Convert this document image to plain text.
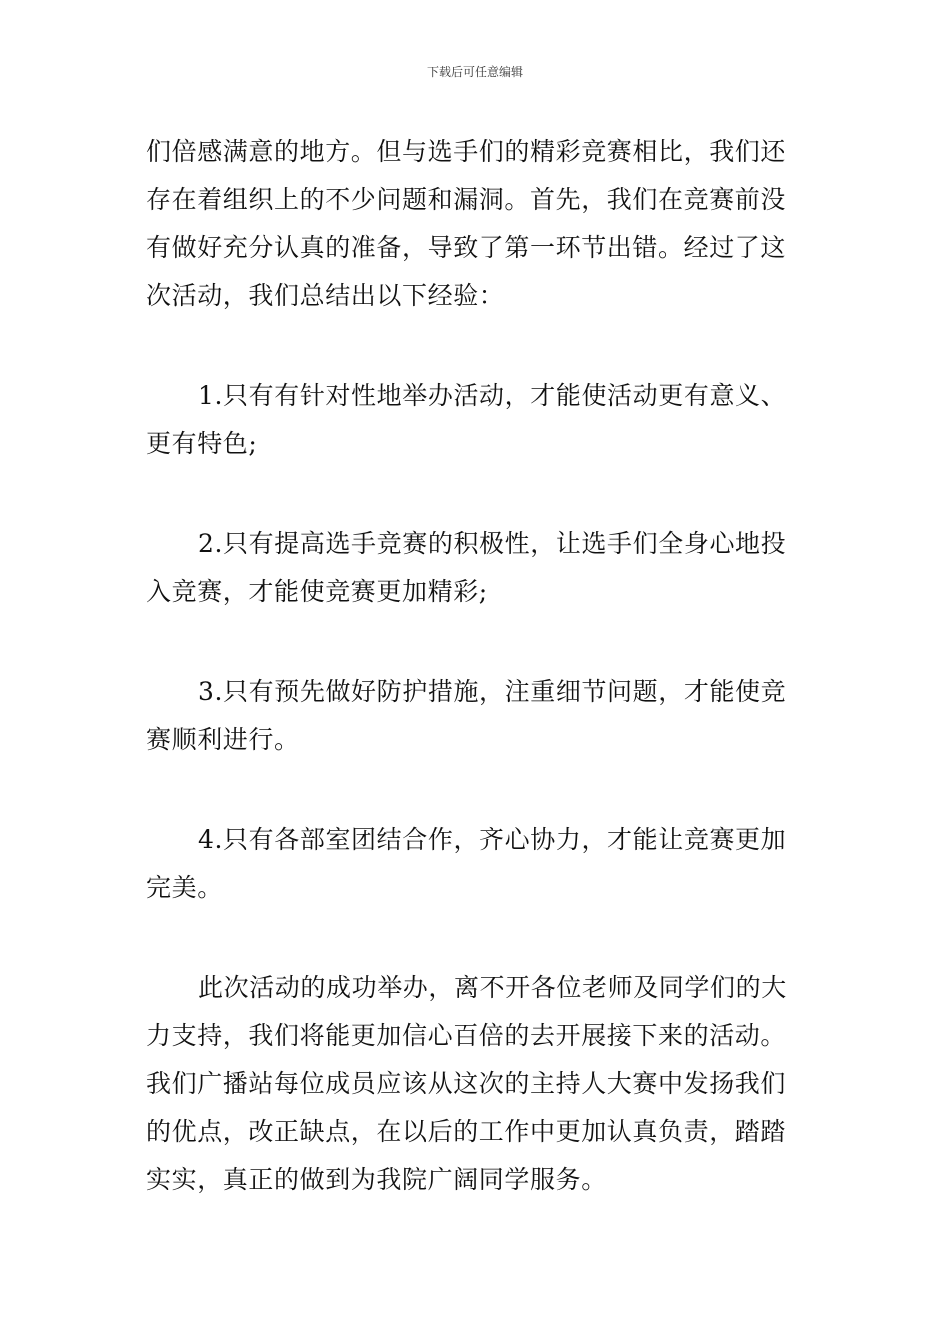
下载后可任意编辑

们倍感满意的地方。但与选手们的精彩竞赛相比，我们还存在着组织上的不少问题和漏洞。首先，我们在竞赛前没有做好充分认真的准备，导致了第一环节出错。经过了这次活动，我们总结出以下经验：

1.只有有针对性地举办活动，才能使活动更有意义、更有特色;

2.只有提高选手竞赛的积极性，让选手们全身心地投入竞赛，才能使竞赛更加精彩;

3.只有预先做好防护措施，注重细节问题，才能使竞赛顺利进行。

4.只有各部室团结合作，齐心协力，才能让竞赛更加完美。

此次活动的成功举办，离不开各位老师及同学们的大力支持，我们将能更加信心百倍的去开展接下来的活动。我们广播站每位成员应该从这次的主持人大赛中发扬我们的优点，改正缺点，在以后的工作中更加认真负责，踏踏实实，真正的做到为我院广阔同学服务。
